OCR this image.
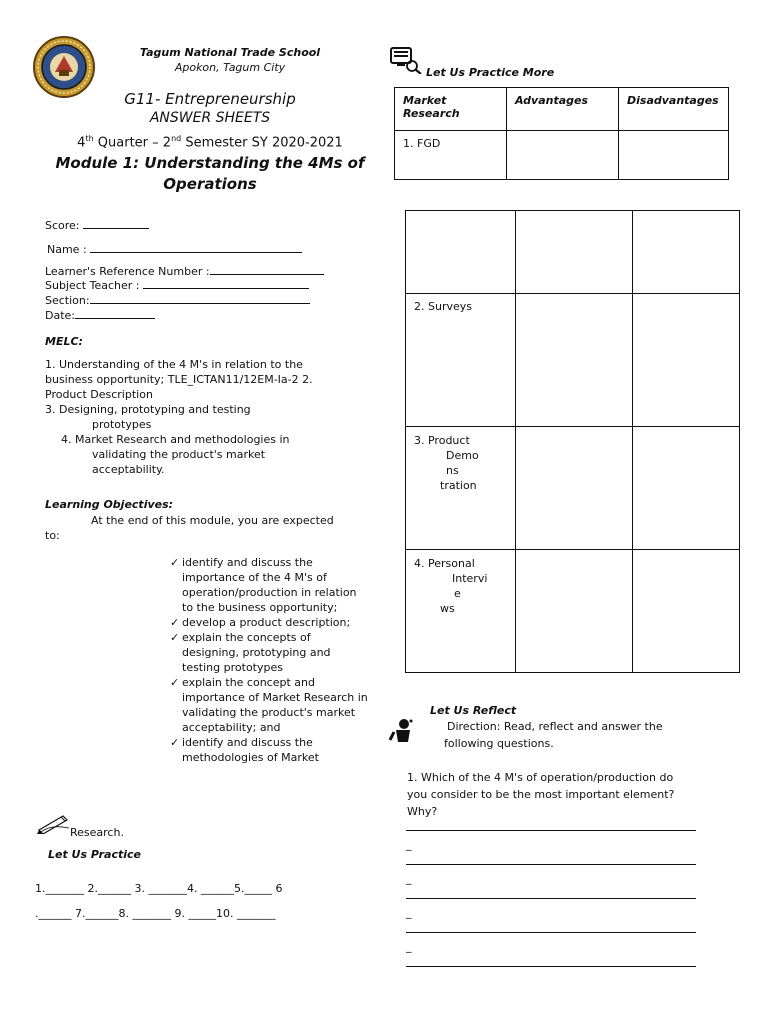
Tagum National Trade School
Apokon, Tagum City
G11- Entrepreneurship
ANSWER SHEETS
4th Quarter – 2nd Semester SY 2020-2021
Module 1: Understanding the 4Ms of
Operations
Score:
Name :
Learner's Reference Number :
Subject Teacher :
Section:
Date:
MELC:
1. Understanding of the 4 M's in relation to the
business opportunity; TLE_ICTAN11/12EM-Ia-2 2.
Product Description
3. Designing, prototyping and testing
prototypes
4. Market Research and methodologies in
validating the product's market
acceptability.
Learning Objectives:
At the end of this module, you are expected
to:
✓ identify and discuss the importance of the 4 M's of operation/production in relation to the business opportunity;
✓ develop a product description;
✓ explain the concepts of designing, prototyping and testing prototypes
✓ explain the concept and importance of Market Research in validating the product's market acceptability; and
✓ identify and discuss the methodologies of Market
Research.
Let Us Practice
1._______ 2.______ 3. _______4. ______5._____ 6
.______ 7.______8. _______ 9. _____10. _______
Let Us Practice More
Market Research	Advantages	Disadvantages
1. FGD		

2. Surveys		

3. Product
Demo
ns
tration		

4. Personal
Intervi
e
ws		

Let Us Reflect
Direction: Read, reflect and answer the
following questions.
1. Which of the 4 M's of operation/production do
you consider to be the most important element?
Why?
_
_
_
_
